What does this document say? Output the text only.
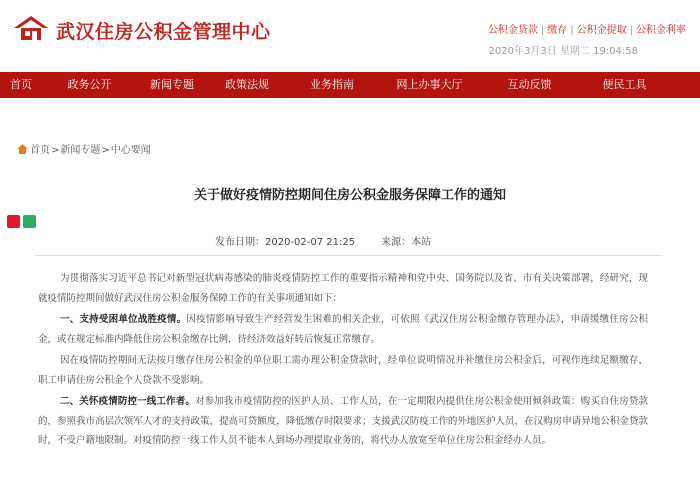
武汉住房公积金管理中心	公积金贷款 | 缴存 | 公积金提取 | 公积金利率
2020年3月3日 星期二 19:04:58
首页	政务公开	新闻专题	政策法规	业务指南	网上办事大厅	互动反馈	便民工具
首页>新闻专题>中心要闻
关于做好疫情防控期间住房公积金服务保障工作的通知
发布日期：2020-02-07 21:25	来源：本站

为贯彻落实习近平总书记对新型冠状病毒感染的肺炎疫情防控工作的重要指示精神和党中央、国务院以及省、市有关决策部署，经研究，现就疫情防控期间做好武汉住房公积金服务保障工作的有关事项通知如下：

一、支持受困单位战胜疫情。因疫情影响导致生产经营发生困难的相关企业，可依照《武汉住房公积金缴存管理办法》，申请缓缴住房公积金，或在规定标准内降低住房公积金缴存比例，待经济效益好转后恢复正常缴存。

因在疫情防控期间无法按月缴存住房公积金的单位职工需办理公积金贷款时，经单位说明情况并补缴住房公积金后，可视作连续足额缴存，职工申请住房公积金个人贷款不受影响。

二、关怀疫情防控一线工作者。对参加我市疫情防控的医护人员、工作人员，在一定期限内提供住房公积金使用倾斜政策：购买自住房贷款的，参照我市高层次领军人才的支持政策，提高可贷额度，降低缴存时限要求；支援武汉防疫工作的外地医护人员，在汉购房申请异地公积金贷款时，不受户籍地限制。对疫情防控一线工作人员不能本人到场办理提取业务的，将代办人放宽至单位住房公积金经办人员。
